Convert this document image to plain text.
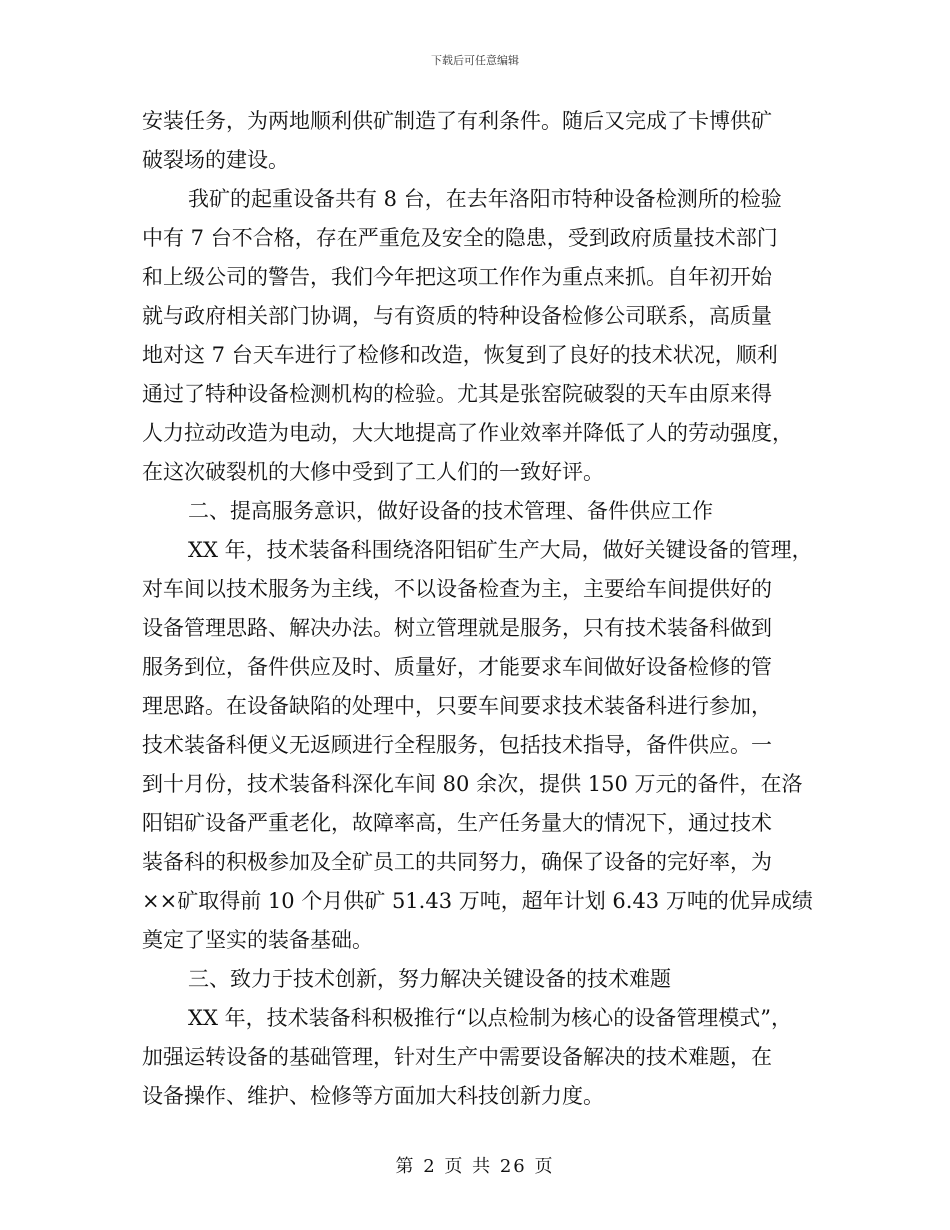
下载后可任意编辑
安装任务，为两地顺利供矿制造了有利条件。随后又完成了卡博供矿
破裂场的建设。
我矿的起重设备共有 8 台，在去年洛阳市特种设备检测所的检验
中有 7 台不合格，存在严重危及安全的隐患，受到政府质量技术部门
和上级公司的警告，我们今年把这项工作作为重点来抓。自年初开始
就与政府相关部门协调，与有资质的特种设备检修公司联系，高质量
地对这 7 台天车进行了检修和改造，恢复到了良好的技术状况，顺利
通过了特种设备检测机构的检验。尤其是张窑院破裂的天车由原来得
人力拉动改造为电动，大大地提高了作业效率并降低了人的劳动强度，
在这次破裂机的大修中受到了工人们的一致好评。
二、提高服务意识，做好设备的技术管理、备件供应工作
XX 年，技术装备科围绕洛阳铝矿生产大局，做好关键设备的管理，
对车间以技术服务为主线，不以设备检查为主，主要给车间提供好的
设备管理思路、解决办法。树立管理就是服务，只有技术装备科做到
服务到位，备件供应及时、质量好，才能要求车间做好设备检修的管
理思路。在设备缺陷的处理中，只要车间要求技术装备科进行参加，
技术装备科便义无返顾进行全程服务，包括技术指导，备件供应。一
到十月份，技术装备科深化车间 80 余次，提供 150 万元的备件，在洛
阳铝矿设备严重老化，故障率高，生产任务量大的情况下，通过技术
装备科的积极参加及全矿员工的共同努力，确保了设备的完好率，为
××矿取得前 10 个月供矿 51.43 万吨，超年计划 6.43 万吨的优异成绩
奠定了坚实的装备基础。
三、致力于技术创新，努力解决关键设备的技术难题
XX 年，技术装备科积极推行“以点检制为核心的设备管理模式”，
加强运转设备的基础管理，针对生产中需要设备解决的技术难题，在
设备操作、维护、检修等方面加大科技创新力度。
第 2 页 共 26 页
